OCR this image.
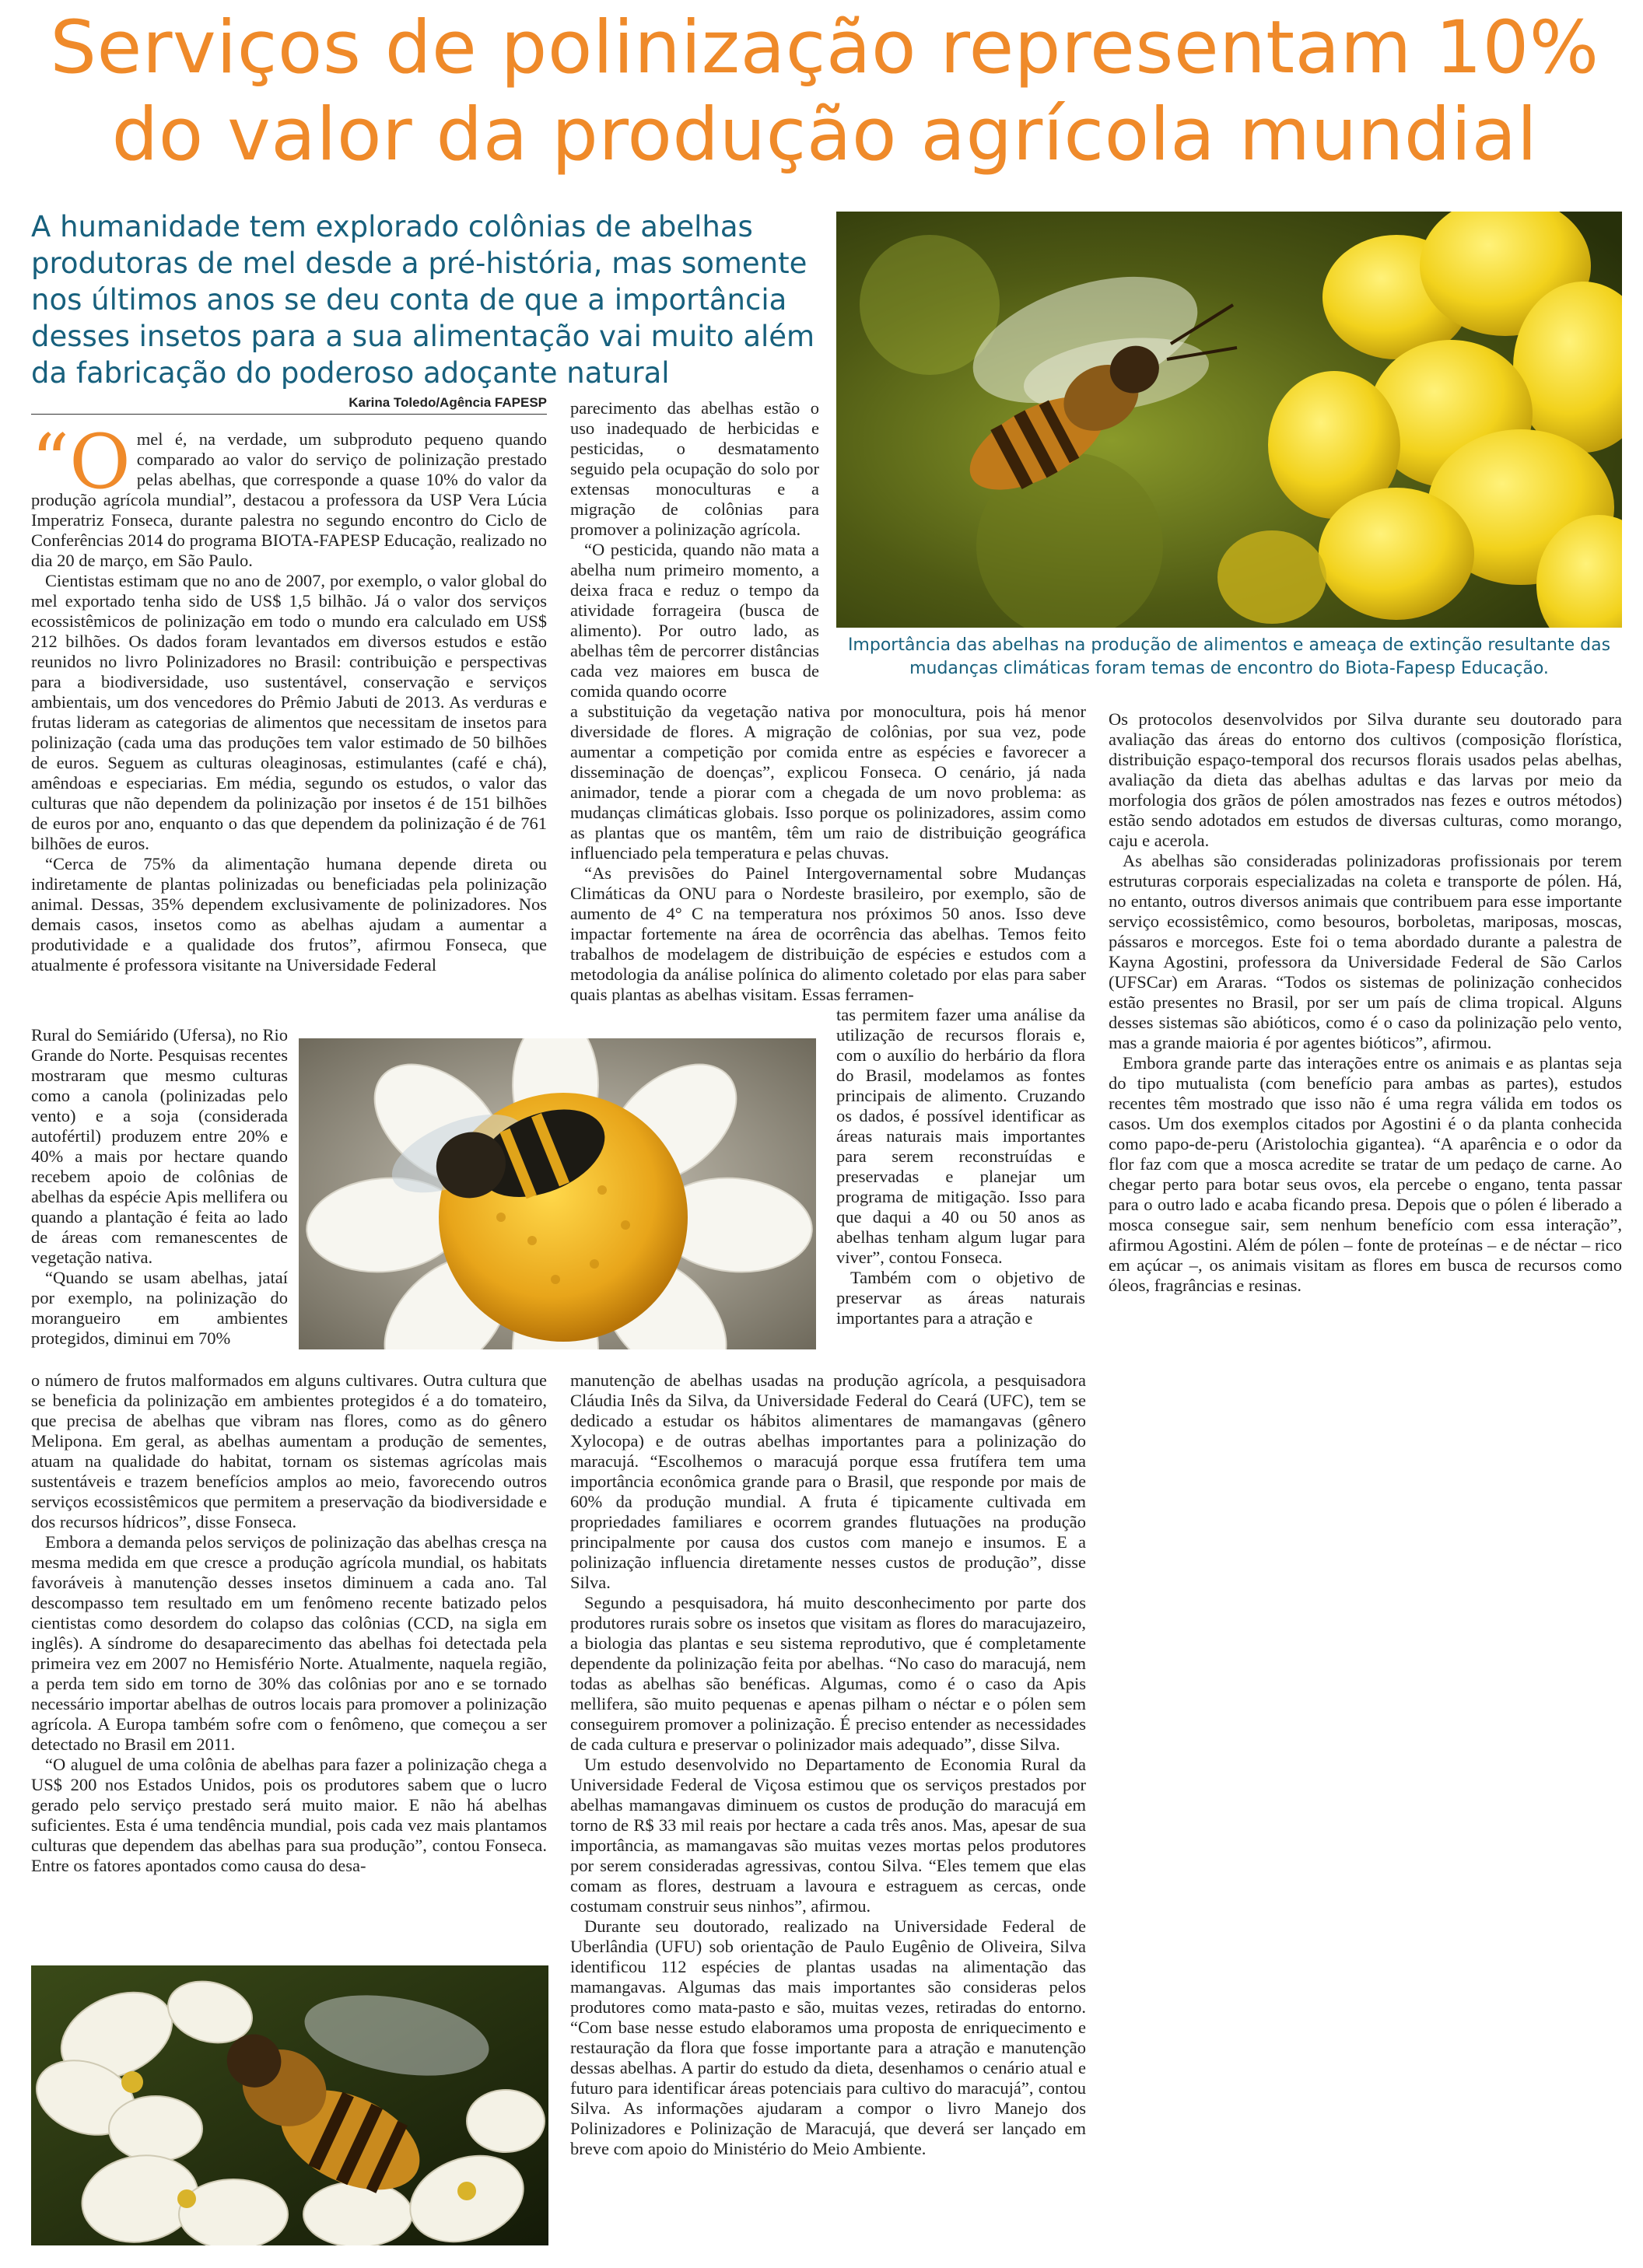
Serviços de polinização representam 10%
do valor da produção agrícola mundial

A humanidade tem explorado colônias de abelhas produtoras de mel desde a pré-história, mas somente nos últimos anos se deu conta de que a importância desses insetos para a sua alimentação vai muito além da fabricação do poderoso adoçante natural

Karina Toledo/Agência FAPESP

Importância das abelhas na produção de alimentos e ameaça de extinção resultante das mudanças climáticas foram temas de encontro do Biota-Fapesp Educação.

“Omel é, na verdade, um subproduto pequeno quando comparado ao valor do serviço de polinização prestado pelas abelhas, que corresponde a quase 10% do valor da produção agrícola mundial”, destacou a professora da USP Vera Lúcia Imperatriz Fonseca, durante palestra no segundo encontro do Ciclo de Conferências 2014 do programa BIOTA-FAPESP Educação, realizado no dia 20 de março, em São Paulo.

Cientistas estimam que no ano de 2007, por exemplo, o valor global do mel exportado tenha sido de US$ 1,5 bilhão. Já o valor dos serviços ecossistêmicos de polinização em todo o mundo era calculado em US$ 212 bilhões. Os dados foram levantados em diversos estudos e estão reunidos no livro Polinizadores no Brasil: contribuição e perspectivas para a biodiversidade, uso sustentável, conservação e serviços ambientais, um dos vencedores do Prêmio Jabuti de 2013. As verduras e frutas lideram as categorias de alimentos que necessitam de insetos para polinização (cada uma das produções tem valor estimado de 50 bilhões de euros. Seguem as culturas oleaginosas, estimulantes (café e chá), amêndoas e especiarias. Em média, segundo os estudos, o valor das culturas que não dependem da polinização por insetos é de 151 bilhões de euros por ano, enquanto o das que dependem da polinização é de 761 bilhões de euros.

“Cerca de 75% da alimentação humana depende direta ou indiretamente de plantas polinizadas ou beneficiadas pela polinização animal. Dessas, 35% dependem exclusivamente de polinizadores. Nos demais casos, insetos como as abelhas ajudam a aumentar a produtividade e a qualidade dos frutos”, afirmou Fonseca, que atualmente é professora visitante na Universidade Federal

Rural do Semiárido (Ufersa), no Rio Grande do Norte. Pesquisas recentes mostraram que mesmo culturas como a canola (polinizadas pelo vento) e a soja (considerada autofértil) produzem entre 20% e 40% a mais por hectare quando recebem apoio de colônias de abelhas da espécie Apis mellifera ou quando a plantação é feita ao lado de áreas com remanescentes de vegetação nativa.

“Quando se usam abelhas, jataí por exemplo, na polinização do morangueiro em ambientes protegidos, diminui em 70%

o número de frutos malformados em alguns cultivares. Outra cultura que se beneficia da polinização em ambientes protegidos é a do tomateiro, que precisa de abelhas que vibram nas flores, como as do gênero Melipona. Em geral, as abelhas aumentam a produção de sementes, atuam na qualidade do habitat, tornam os sistemas agrícolas mais sustentáveis e trazem benefícios amplos ao meio, favorecendo outros serviços ecossistêmicos que permitem a preservação da biodiversidade e dos recursos hídricos”, disse Fonseca.

Embora a demanda pelos serviços de polinização das abelhas cresça na mesma medida em que cresce a produção agrícola mundial, os habitats favoráveis à manutenção desses insetos diminuem a cada ano. Tal descompasso tem resultado em um fenômeno recente batizado pelos cientistas como desordem do colapso das colônias (CCD, na sigla em inglês). A síndrome do desaparecimento das abelhas foi detectada pela primeira vez em 2007 no Hemisfério Norte. Atualmente, naquela região, a perda tem sido em torno de 30% das colônias por ano e se tornado necessário importar abelhas de outros locais para promover a polinização agrícola. A Europa também sofre com o fenômeno, que começou a ser detectado no Brasil em 2011.

“O aluguel de uma colônia de abelhas para fazer a polinização chega a US$ 200 nos Estados Unidos, pois os produtores sabem que o lucro gerado pelo serviço prestado será muito maior. E não há abelhas suficientes. Esta é uma tendência mundial, pois cada vez mais plantamos culturas que dependem das abelhas para sua produção”, contou Fonseca. Entre os fatores apontados como causa do desa-

parecimento das abelhas estão o uso inadequado de herbicidas e pesticidas, o desmatamento seguido pela ocupação do solo por extensas monoculturas e a migração de colônias para promover a polinização agrícola.

“O pesticida, quando não mata a abelha num primeiro momento, a deixa fraca e reduz o tempo da atividade forrageira (busca de alimento). Por outro lado, as abelhas têm de percorrer distâncias cada vez maiores em busca de comida quando ocorre

a substituição da vegetação nativa por monocultura, pois há menor diversidade de flores. A migração de colônias, por sua vez, pode aumentar a competição por comida entre as espécies e favorecer a disseminação de doenças”, explicou Fonseca. O cenário, já nada animador, tende a piorar com a chegada de um novo problema: as mudanças climáticas globais. Isso porque os polinizadores, assim como as plantas que os mantêm, têm um raio de distribuição geográfica influenciado pela temperatura e pelas chuvas.

“As previsões do Painel Intergovernamental sobre Mudanças Climáticas da ONU para o Nordeste brasileiro, por exemplo, são de aumento de 4° C na temperatura nos próximos 50 anos. Isso deve impactar fortemente na área de ocorrência das abelhas. Temos feito trabalhos de modelagem de distribuição de espécies e estudos com a metodologia da análise polínica do alimento coletado por elas para saber quais plantas as abelhas visitam. Essas ferramen-

tas permitem fazer uma análise da utilização de recursos florais e, com o auxílio do herbário da flora do Brasil, modelamos as fontes principais de alimento. Cruzando os dados, é possível identificar as áreas naturais mais importantes para serem reconstruídas e preservadas e planejar um programa de mitigação. Isso para que daqui a 40 ou 50 anos as abelhas tenham algum lugar para viver”, contou Fonseca.

Também com o objetivo de preservar as áreas naturais importantes para a atração e

manutenção de abelhas usadas na produção agrícola, a pesquisadora Cláudia Inês da Silva, da Universidade Federal do Ceará (UFC), tem se dedicado a estudar os hábitos alimentares de mamangavas (gênero Xylocopa) e de outras abelhas importantes para a polinização do maracujá. “Escolhemos o maracujá porque essa frutífera tem uma importância econômica grande para o Brasil, que responde por mais de 60% da produção mundial. A fruta é tipicamente cultivada em propriedades familiares e ocorrem grandes flutuações na produção principalmente por causa dos custos com manejo e insumos. E a polinização influencia diretamente nesses custos de produção”, disse Silva.

Segundo a pesquisadora, há muito desconhecimento por parte dos produtores rurais sobre os insetos que visitam as flores do maracujazeiro, a biologia das plantas e seu sistema reprodutivo, que é completamente dependente da polinização feita por abelhas. “No caso do maracujá, nem todas as abelhas são benéficas. Algumas, como é o caso da Apis mellifera, são muito pequenas e apenas pilham o néctar e o pólen sem conseguirem promover a polinização. É preciso entender as necessidades de cada cultura e preservar o polinizador mais adequado”, disse Silva.

Um estudo desenvolvido no Departamento de Economia Rural da Universidade Federal de Viçosa estimou que os serviços prestados por abelhas mamangavas diminuem os custos de produção do maracujá em torno de R$ 33 mil reais por hectare a cada três anos. Mas, apesar de sua importância, as mamangavas são muitas vezes mortas pelos produtores por serem consideradas agressivas, contou Silva. “Eles temem que elas comam as flores, destruam a lavoura e estraguem as cercas, onde costumam construir seus ninhos”, afirmou.

Durante seu doutorado, realizado na Universidade Federal de Uberlândia (UFU) sob orientação de Paulo Eugênio de Oliveira, Silva identificou 112 espécies de plantas usadas na alimentação das mamangavas. Algumas das mais importantes são consideras pelos produtores como mata-pasto e são, muitas vezes, retiradas do entorno. “Com base nesse estudo elaboramos uma proposta de enriquecimento e restauração da flora que fosse importante para a atração e manutenção dessas abelhas. A partir do estudo da dieta, desenhamos o cenário atual e futuro para identificar áreas potenciais para cultivo do maracujá”, contou Silva. As informações ajudaram a compor o livro Manejo dos Polinizadores e Polinização de Maracujá, que deverá ser lançado em breve com apoio do Ministério do Meio Ambiente.

Os protocolos desenvolvidos por Silva durante seu doutorado para avaliação das áreas do entorno dos cultivos (composição florística, distribuição espaço-temporal dos recursos florais usados pelas abelhas, avaliação da dieta das abelhas adultas e das larvas por meio da morfologia dos grãos de pólen amostrados nas fezes e outros métodos) estão sendo adotados em estudos de diversas culturas, como morango, caju e acerola.

As abelhas são consideradas polinizadoras profissionais por terem estruturas corporais especializadas na coleta e transporte de pólen. Há, no entanto, outros diversos animais que contribuem para esse importante serviço ecossistêmico, como besouros, borboletas, mariposas, moscas, pássaros e morcegos. Este foi o tema abordado durante a palestra de Kayna Agostini, professora da Universidade Federal de São Carlos (UFSCar) em Araras. “Todos os sistemas de polinização conhecidos estão presentes no Brasil, por ser um país de clima tropical. Alguns desses sistemas são abióticos, como é o caso da polinização pelo vento, mas a grande maioria é por agentes bióticos”, afirmou.

Embora grande parte das interações entre os animais e as plantas seja do tipo mutualista (com benefício para ambas as partes), estudos recentes têm mostrado que isso não é uma regra válida em todos os casos. Um dos exemplos citados por Agostini é o da planta conhecida como papo-de-peru (Aristolochia gigantea). “A aparência e o odor da flor faz com que a mosca acredite se tratar de um pedaço de carne. Ao chegar perto para botar seus ovos, ela percebe o engano, tenta passar para o outro lado e acaba ficando presa. Depois que o pólen é liberado a mosca consegue sair, sem nenhum benefício com essa interação”, afirmou Agostini. Além de pólen – fonte de proteínas – e de néctar – rico em açúcar –, os animais visitam as flores em busca de recursos como óleos, fragrâncias e resinas.
